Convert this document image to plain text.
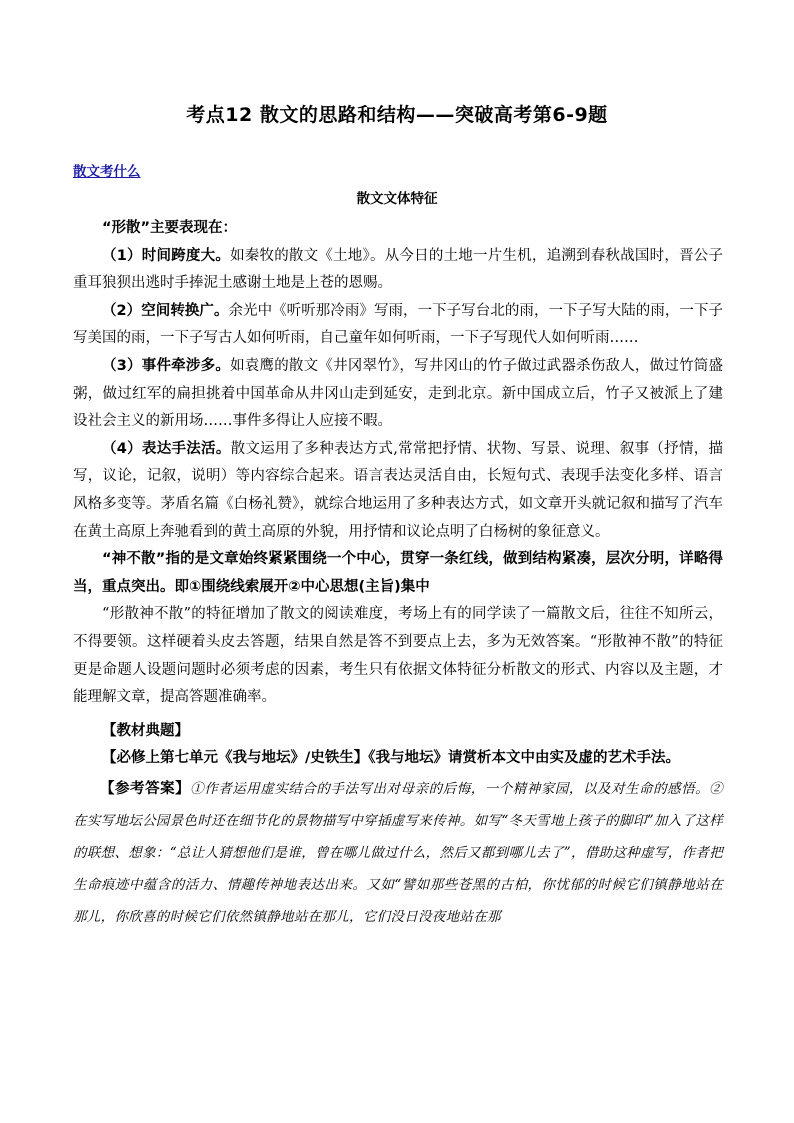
考点12 散文的思路和结构——突破高考第6-9题
散文考什么
散文文体特征

“形散”主要表现在：

（1）时间跨度大。如秦牧的散文《土地》。从今日的土地一片生机，追溯到春秋战国时，晋公子重耳狼狈出逃时手捧泥土感谢土地是上苍的恩赐。

（2）空间转换广。余光中《听听那冷雨》写雨，一下子写台北的雨，一下子写大陆的雨，一下子写美国的雨，一下子写古人如何听雨，自己童年如何听雨，一下子写现代人如何听雨……

（3）事件牵涉多。如袁鹰的散文《井冈翠竹》，写井冈山的竹子做过武器杀伤敌人，做过竹筒盛粥，做过红军的扁担挑着中国革命从井冈山走到延安，走到北京。新中国成立后，竹子又被派上了建设社会主义的新用场……事件多得让人应接不暇。

（4）表达手法活。散文运用了多种表达方式,常常把抒情、状物、写景、说理、叙事（抒情，描写，议论，记叙，说明）等内容综合起来。语言表达灵活自由，长短句式、表现手法变化多样、语言风格多变等。茅盾名篇《白杨礼赞》，就综合地运用了多种表达方式，如文章开头就记叙和描写了汽车在黄土高原上奔驰看到的黄土高原的外貌，用抒情和议论点明了白杨树的象征意义。

“神不散”指的是文章始终紧紧围绕一个中心，贯穿一条红线，做到结构紧凑，层次分明，详略得当，重点突出。即①围绕线索展开②中心思想(主旨)集中

“形散神不散”的特征增加了散文的阅读难度，考场上有的同学读了一篇散文后，往往不知所云，不得要领。这样硬着头皮去答题，结果自然是答不到要点上去，多为无效答案。“形散神不散”的特征更是命题人设题问题时必须考虑的因素，考生只有依据文体特征分析散文的形式、内容以及主题，才能理解文章，提高答题准确率。

【教材典题】

【必修上第七单元《我与地坛》/史铁生】《我与地坛》请赏析本文中由实及虚的艺术手法。

【参考答案】①作者运用虚实结合的手法写出对母亲的后悔，一个精神家园，以及对生命的感悟。②在实写地坛公园景色时还在细节化的景物描写中穿插虚写来传神。如写“冬天雪地上孩子的脚印”加入了这样的联想、想象：“总让人猜想他们是谁，曾在哪儿做过什么，然后又都到哪儿去了”，借助这种虚写，作者把生命痕迹中蕴含的活力、情趣传神地表达出来。又如“譬如那些苍黑的古柏，你忧郁的时候它们镇静地站在那儿，你欣喜的时候它们依然镇静地站在那儿，它们没日没夜地站在那
